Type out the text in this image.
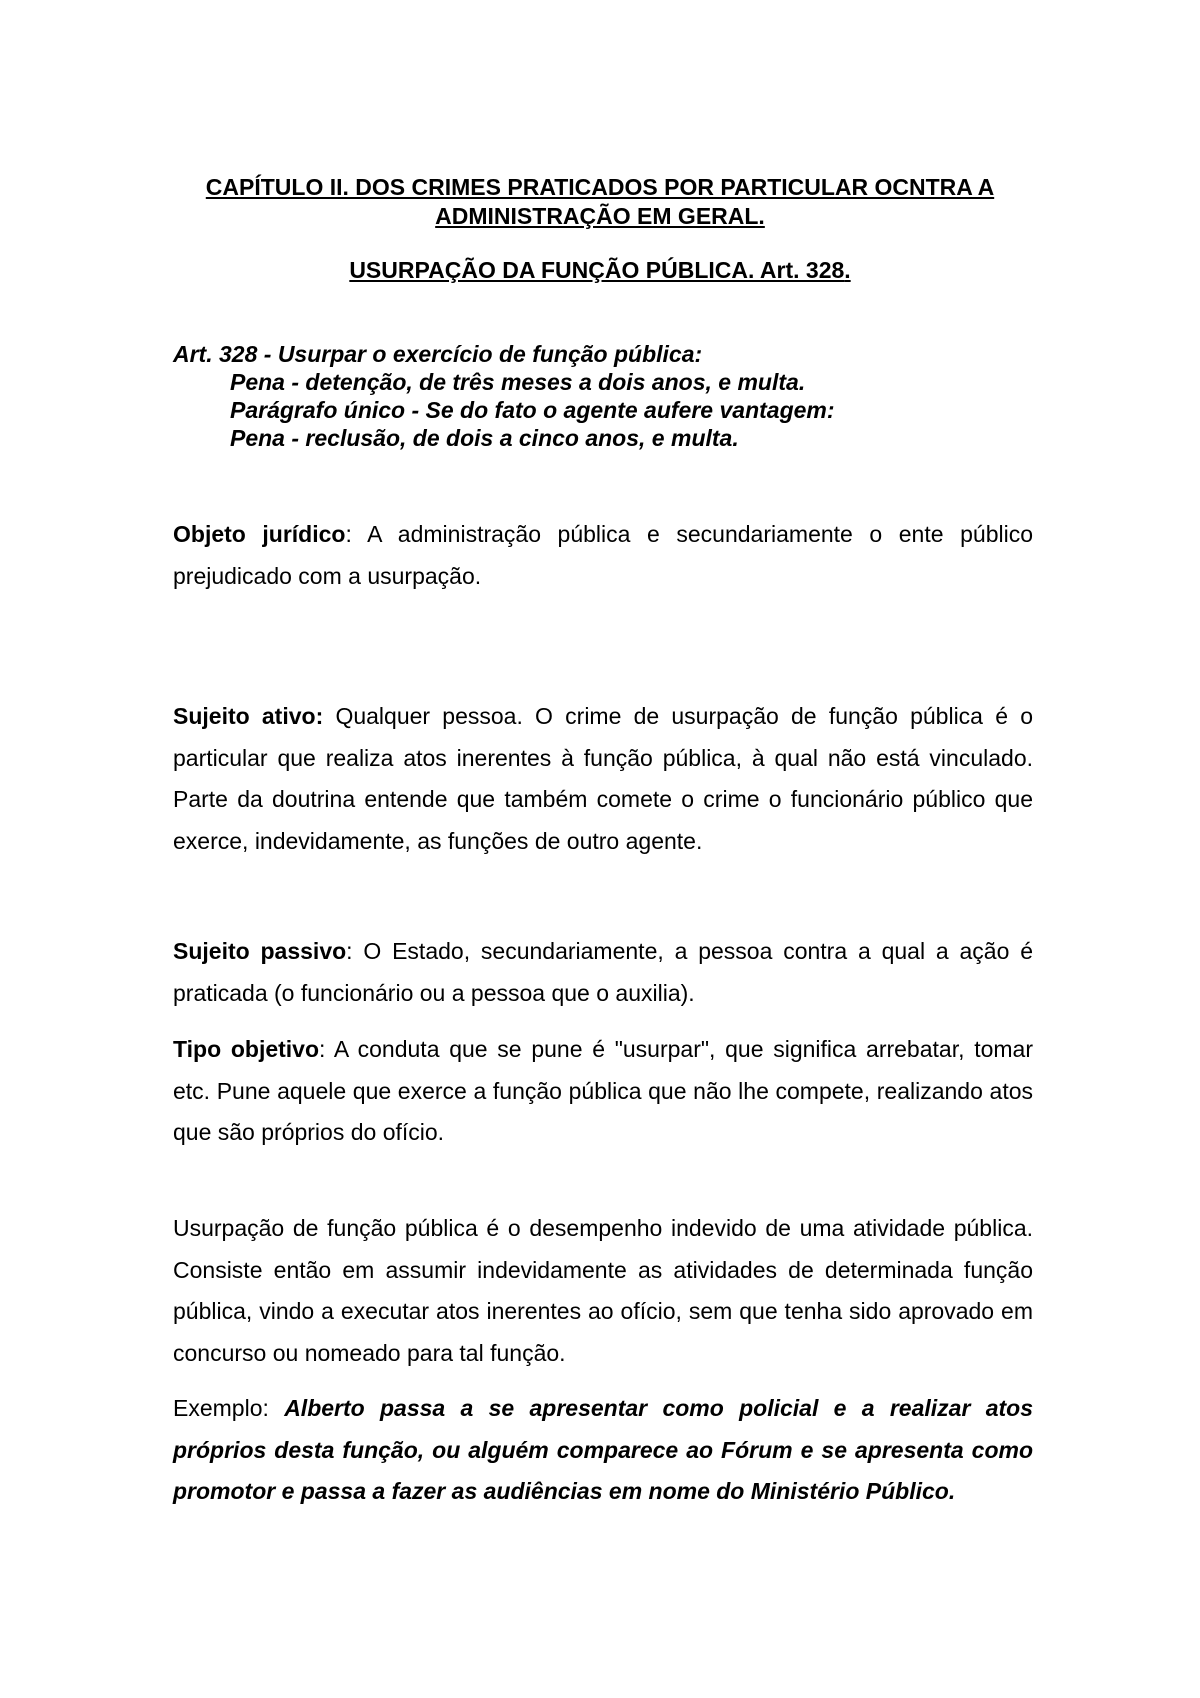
CAPÍTULO II. DOS CRIMES PRATICADOS POR PARTICULAR OCNTRA A
ADMINISTRAÇÃO EM GERAL.
USURPAÇÃO DA FUNÇÃO PÚBLICA. Art. 328.
Art. 328 - Usurpar o exercício de função pública:
Pena - detenção, de três meses a dois anos, e multa.
Parágrafo único - Se do fato o agente aufere vantagem:
Pena - reclusão, de dois a cinco anos, e multa.
Objeto jurídico: A administração pública e secundariamente o ente público prejudicado com a usurpação.
Sujeito ativo: Qualquer pessoa. O crime de usurpação de função pública é o particular que realiza atos inerentes à função pública, à qual não está vinculado. Parte da doutrina entende que também comete o crime o funcionário público que exerce, indevidamente, as funções de outro agente.
Sujeito passivo: O Estado, secundariamente, a pessoa contra a qual a ação é praticada (o funcionário ou a pessoa que o auxilia).
Tipo objetivo: A conduta que se pune é "usurpar", que significa arrebatar, tomar etc. Pune aquele que exerce a função pública que não lhe compete, realizando atos que são próprios do ofício.
Usurpação de função pública é o desempenho indevido de uma atividade pública. Consiste então em assumir indevidamente as atividades de determinada função pública, vindo a executar atos inerentes ao ofício, sem que tenha sido aprovado em concurso ou nomeado para tal função.
Exemplo: Alberto passa a se apresentar como policial e a realizar atos próprios desta função, ou alguém comparece ao Fórum e se apresenta como promotor e passa a fazer as audiências em nome do Ministério Público.
